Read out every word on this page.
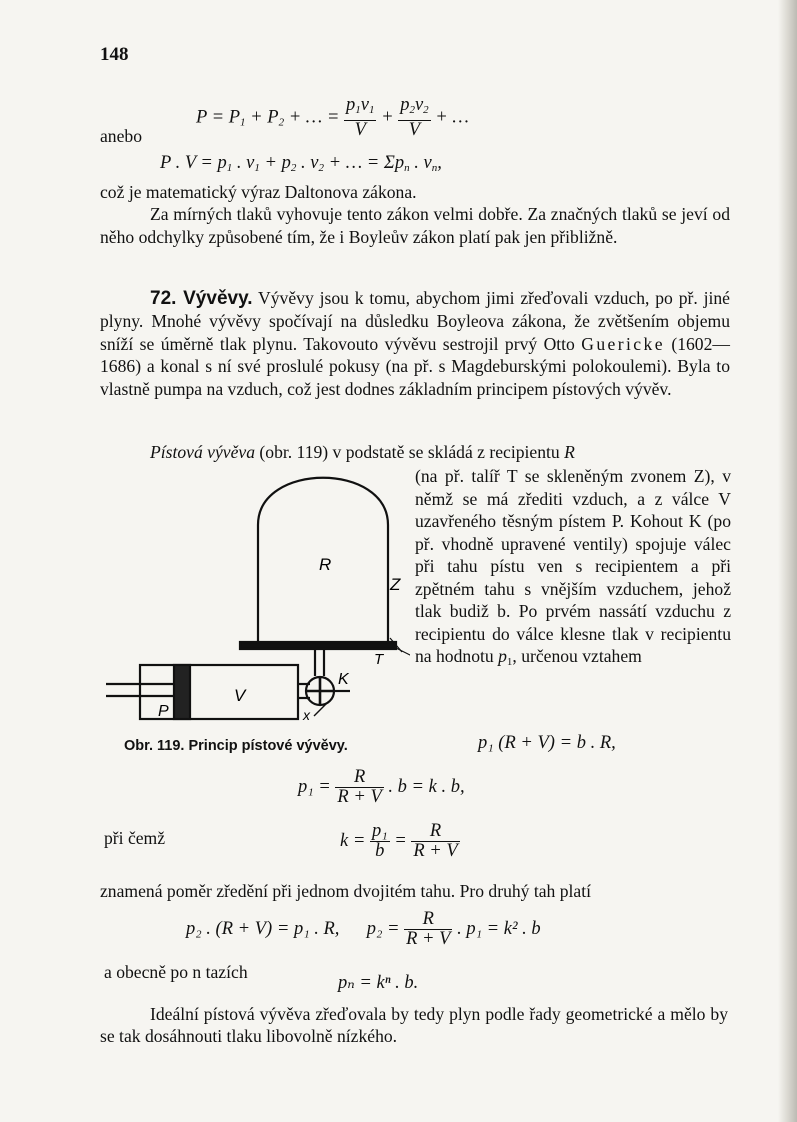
148
$P = P_1 + P_2$ + … = $\frac{p_1v_1}{V} + \frac{p_2v_2}{V}$ + …
anebo
P . $V = p_1$ . $v_1 + p_2$ . $v_2$ + … = $\Sigma p_n$ . $v_n$,

což je matematický výraz Daltonova zákona.

Za mírných tlaků vyhovuje tento zákon velmi dobře. Za značných tlaků se jeví od něho odchylky způsobené tím, že i Boyleův zákon platí pak jen přibližně.

72. Vývěvy. Vývěvy jsou k tomu, abychom jimi zřeďovali vzduch, po př. jiné plyny. Mnohé vývěvy spočívají na důsledku Boyleova zákona, že zvětšením objemu sníží se úměrně tlak plynu. Takovouto vývěvu sestrojil prvý Otto Guericke (1602—1686) a konal s ní své proslulé pokusy (na př. s Magdeburskými polokoulemi). Byla to vlastně pumpa na vzduch, což jest dodnes základním principem pístových vývěv.

Pístová vývěva (obr. 119) v podstatě se skládá z recipientu R

(na př. talíř T se skleněným zvonem Z), v němž se má zřediti vzduch, a z válce V uzavřeného těsným pístem P. Kohout K (po př. vhodně upravené ventily) spojuje válec při tahu pístu ven s recipientem a při zpětném tahu s vnějším vzduchem, jehož tlak budiž b. Po prvém nassátí vzduchu z recipientu do válce klesne tlak v recipientu na hodnotu $p_1$, určenou vztahem

R
Z
T
K
V
P	x
Obr. 119. Princip pístové vývěvy.	p₁ (R + V) = b . R,
$p_1 = \frac{R}{R + V}$ . b = k . b,
při čemž	$k = \frac{\text{p₁}}{b} = \frac{R}{R + V}$
znamená poměr zředění při jednom dvojitém tahu. Pro druhý tah platí
p₂ . (R + V) = p₁ . R, $p_2 = \frac{R}{R + V}$ . p₁ = k² . b
a obecně po n tazích
pₙ = kⁿ . b.

Ideální pístová vývěva zřeďovala by tedy plyn podle řady geometrické a mělo by se tak dosáhnouti tlaku libovolně nízkého.
